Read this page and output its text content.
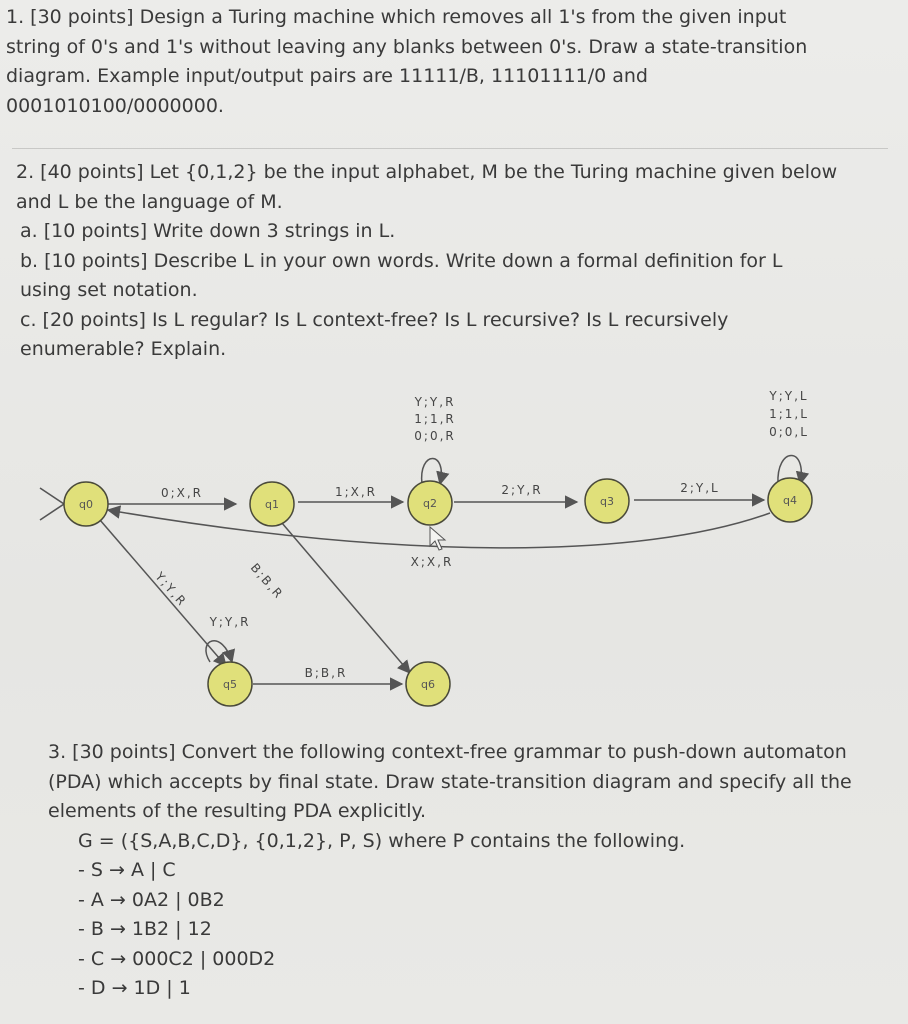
1. [30 points] Design a Turing machine which removes all 1's from the given input
string of 0's and 1's without leaving any blanks between 0's. Draw a state-transition
diagram. Example input/output pairs are 11111/B, 11101111/0 and
0001010100/0000000.
2. [40 points] Let {0,1,2} be the input alphabet, M be the Turing machine given below
and L be the language of M.
a. [10 points] Write down 3 strings in L.
b. [10 points] Describe L in your own words. Write down a formal definition for L
using set notation.
c. [20 points] Is L regular? Is L context-free? Is L recursive? Is L recursively
enumerable? Explain.
q0	q1	q2	q3	q4
q5	q6
0;X,R	1;X,R	2;Y,R	2;Y,L
X;X,R
Y;Y,R	B;B,R
B;B,R
Y;Y,R
1;1,R
0;0,R
Y;Y,L
1;1,L
0;0,L
Y;Y,R
3. [30 points] Convert the following context-free grammar to push-down automaton
(PDA) which accepts by final state. Draw state-transition diagram and specify all the
elements of the resulting PDA explicitly.
G = ({S,A,B,C,D}, {0,1,2}, P, S) where P contains the following.
- S → A | C
- A → 0A2 | 0B2
- B → 1B2 | 12
- C → 000C2 | 000D2
- D → 1D | 1
